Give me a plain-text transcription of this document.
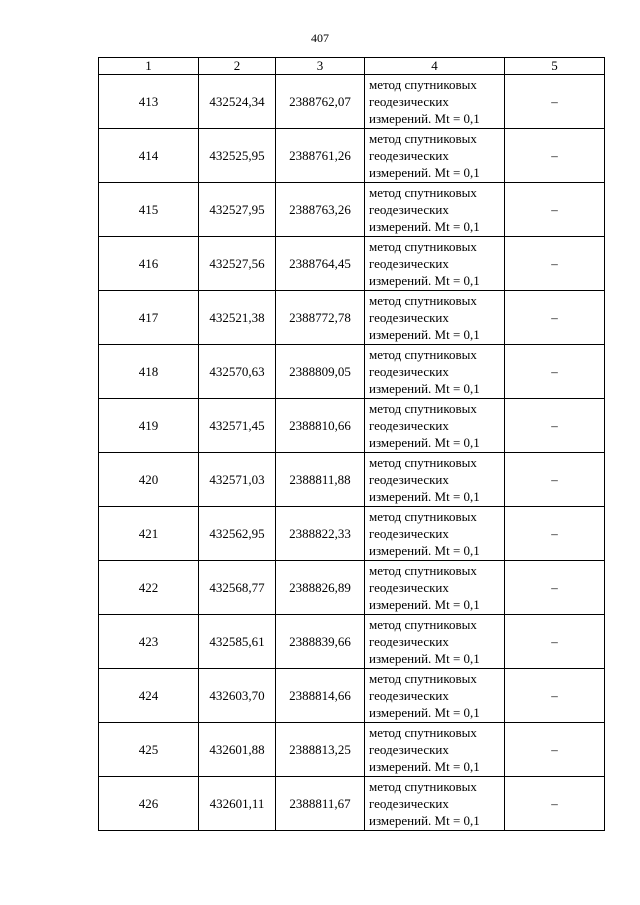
407
1	2	3	4	5
413	432524,34	2388762,07	метод спутниковых
геодезических
измерений. Mt = 0,1	–
414	432525,95	2388761,26	метод спутниковых
геодезических
измерений. Mt = 0,1	–
415	432527,95	2388763,26	метод спутниковых
геодезических
измерений. Mt = 0,1	–
416	432527,56	2388764,45	метод спутниковых
геодезических
измерений. Mt = 0,1	–
417	432521,38	2388772,78	метод спутниковых
геодезических
измерений. Mt = 0,1	–
418	432570,63	2388809,05	метод спутниковых
геодезических
измерений. Mt = 0,1	–
419	432571,45	2388810,66	метод спутниковых
геодезических
измерений. Mt = 0,1	–
420	432571,03	2388811,88	метод спутниковых
геодезических
измерений. Mt = 0,1	–
421	432562,95	2388822,33	метод спутниковых
геодезических
измерений. Mt = 0,1	–
422	432568,77	2388826,89	метод спутниковых
геодезических
измерений. Mt = 0,1	–
423	432585,61	2388839,66	метод спутниковых
геодезических
измерений. Mt = 0,1	–
424	432603,70	2388814,66	метод спутниковых
геодезических
измерений. Mt = 0,1	–
425	432601,88	2388813,25	метод спутниковых
геодезических
измерений. Mt = 0,1	–
426	432601,11	2388811,67	метод спутниковых
геодезических
измерений. Mt = 0,1	–
